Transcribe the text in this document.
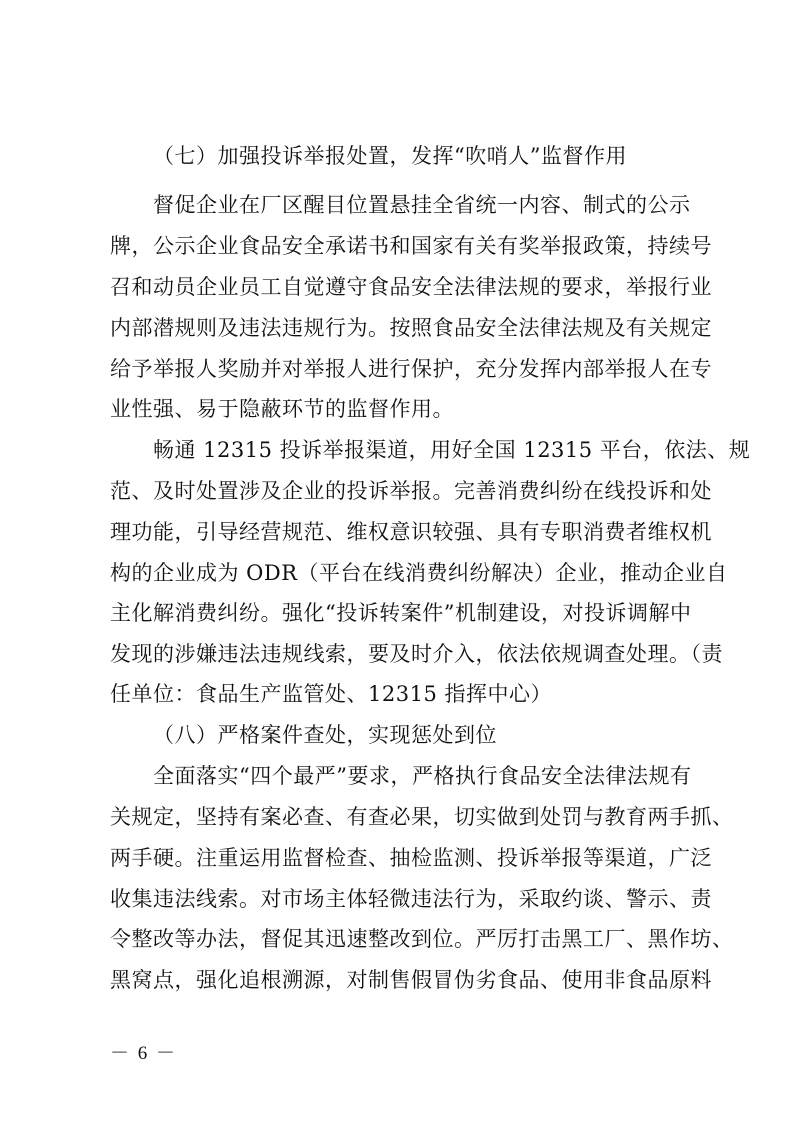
（七）加强投诉举报处置，发挥“吹哨人”监督作用
督促企业在厂区醒目位置悬挂全省统一内容、制式的公示
牌，公示企业食品安全承诺书和国家有关有奖举报政策，持续号
召和动员企业员工自觉遵守食品安全法律法规的要求，举报行业
内部潜规则及违法违规行为。按照食品安全法律法规及有关规定
给予举报人奖励并对举报人进行保护，充分发挥内部举报人在专
业性强、易于隐蔽环节的监督作用。
畅通 12315 投诉举报渠道，用好全国 12315 平台，依法、规
范、及时处置涉及企业的投诉举报。完善消费纠纷在线投诉和处
理功能，引导经营规范、维权意识较强、具有专职消费者维权机
构的企业成为 ODR（平台在线消费纠纷解决）企业，推动企业自
主化解消费纠纷。强化“投诉转案件”机制建设，对投诉调解中
发现的涉嫌违法违规线索，要及时介入，依法依规调查处理。（责
任单位：食品生产监管处、12315 指挥中心）
（八）严格案件查处，实现惩处到位
全面落实“四个最严”要求，严格执行食品安全法律法规有
关规定，坚持有案必查、有查必果，切实做到处罚与教育两手抓、
两手硬。注重运用监督检查、抽检监测、投诉举报等渠道，广泛
收集违法线索。对市场主体轻微违法行为，采取约谈、警示、责
令整改等办法，督促其迅速整改到位。严厉打击黑工厂、黑作坊、
黑窝点，强化追根溯源，对制售假冒伪劣食品、使用非食品原料
－ 6 －
